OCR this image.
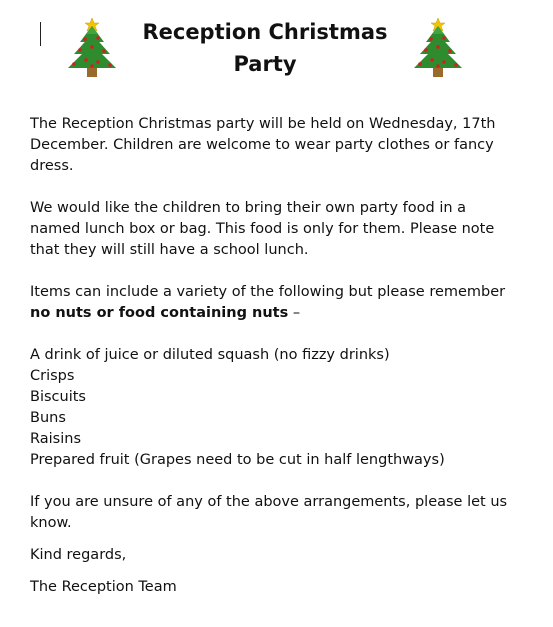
Reception Christmas
Party

The Reception Christmas party will be held on Wednesday, 17th December. Children are welcome to wear party clothes or fancy dress.

We would like the children to bring their own party food in a named lunch box or bag. This food is only for them. Please note that they will still have a school lunch.

Items can include a variety of the following but please remember
no nuts or food containing nuts –

A drink of juice or diluted squash (no fizzy drinks)
Crisps
Biscuits
Buns
Raisins
Prepared fruit (Grapes need to be cut in half lengthways)

If you are unsure of any of the above arrangements, please let us know.

Kind regards,

The Reception Team
